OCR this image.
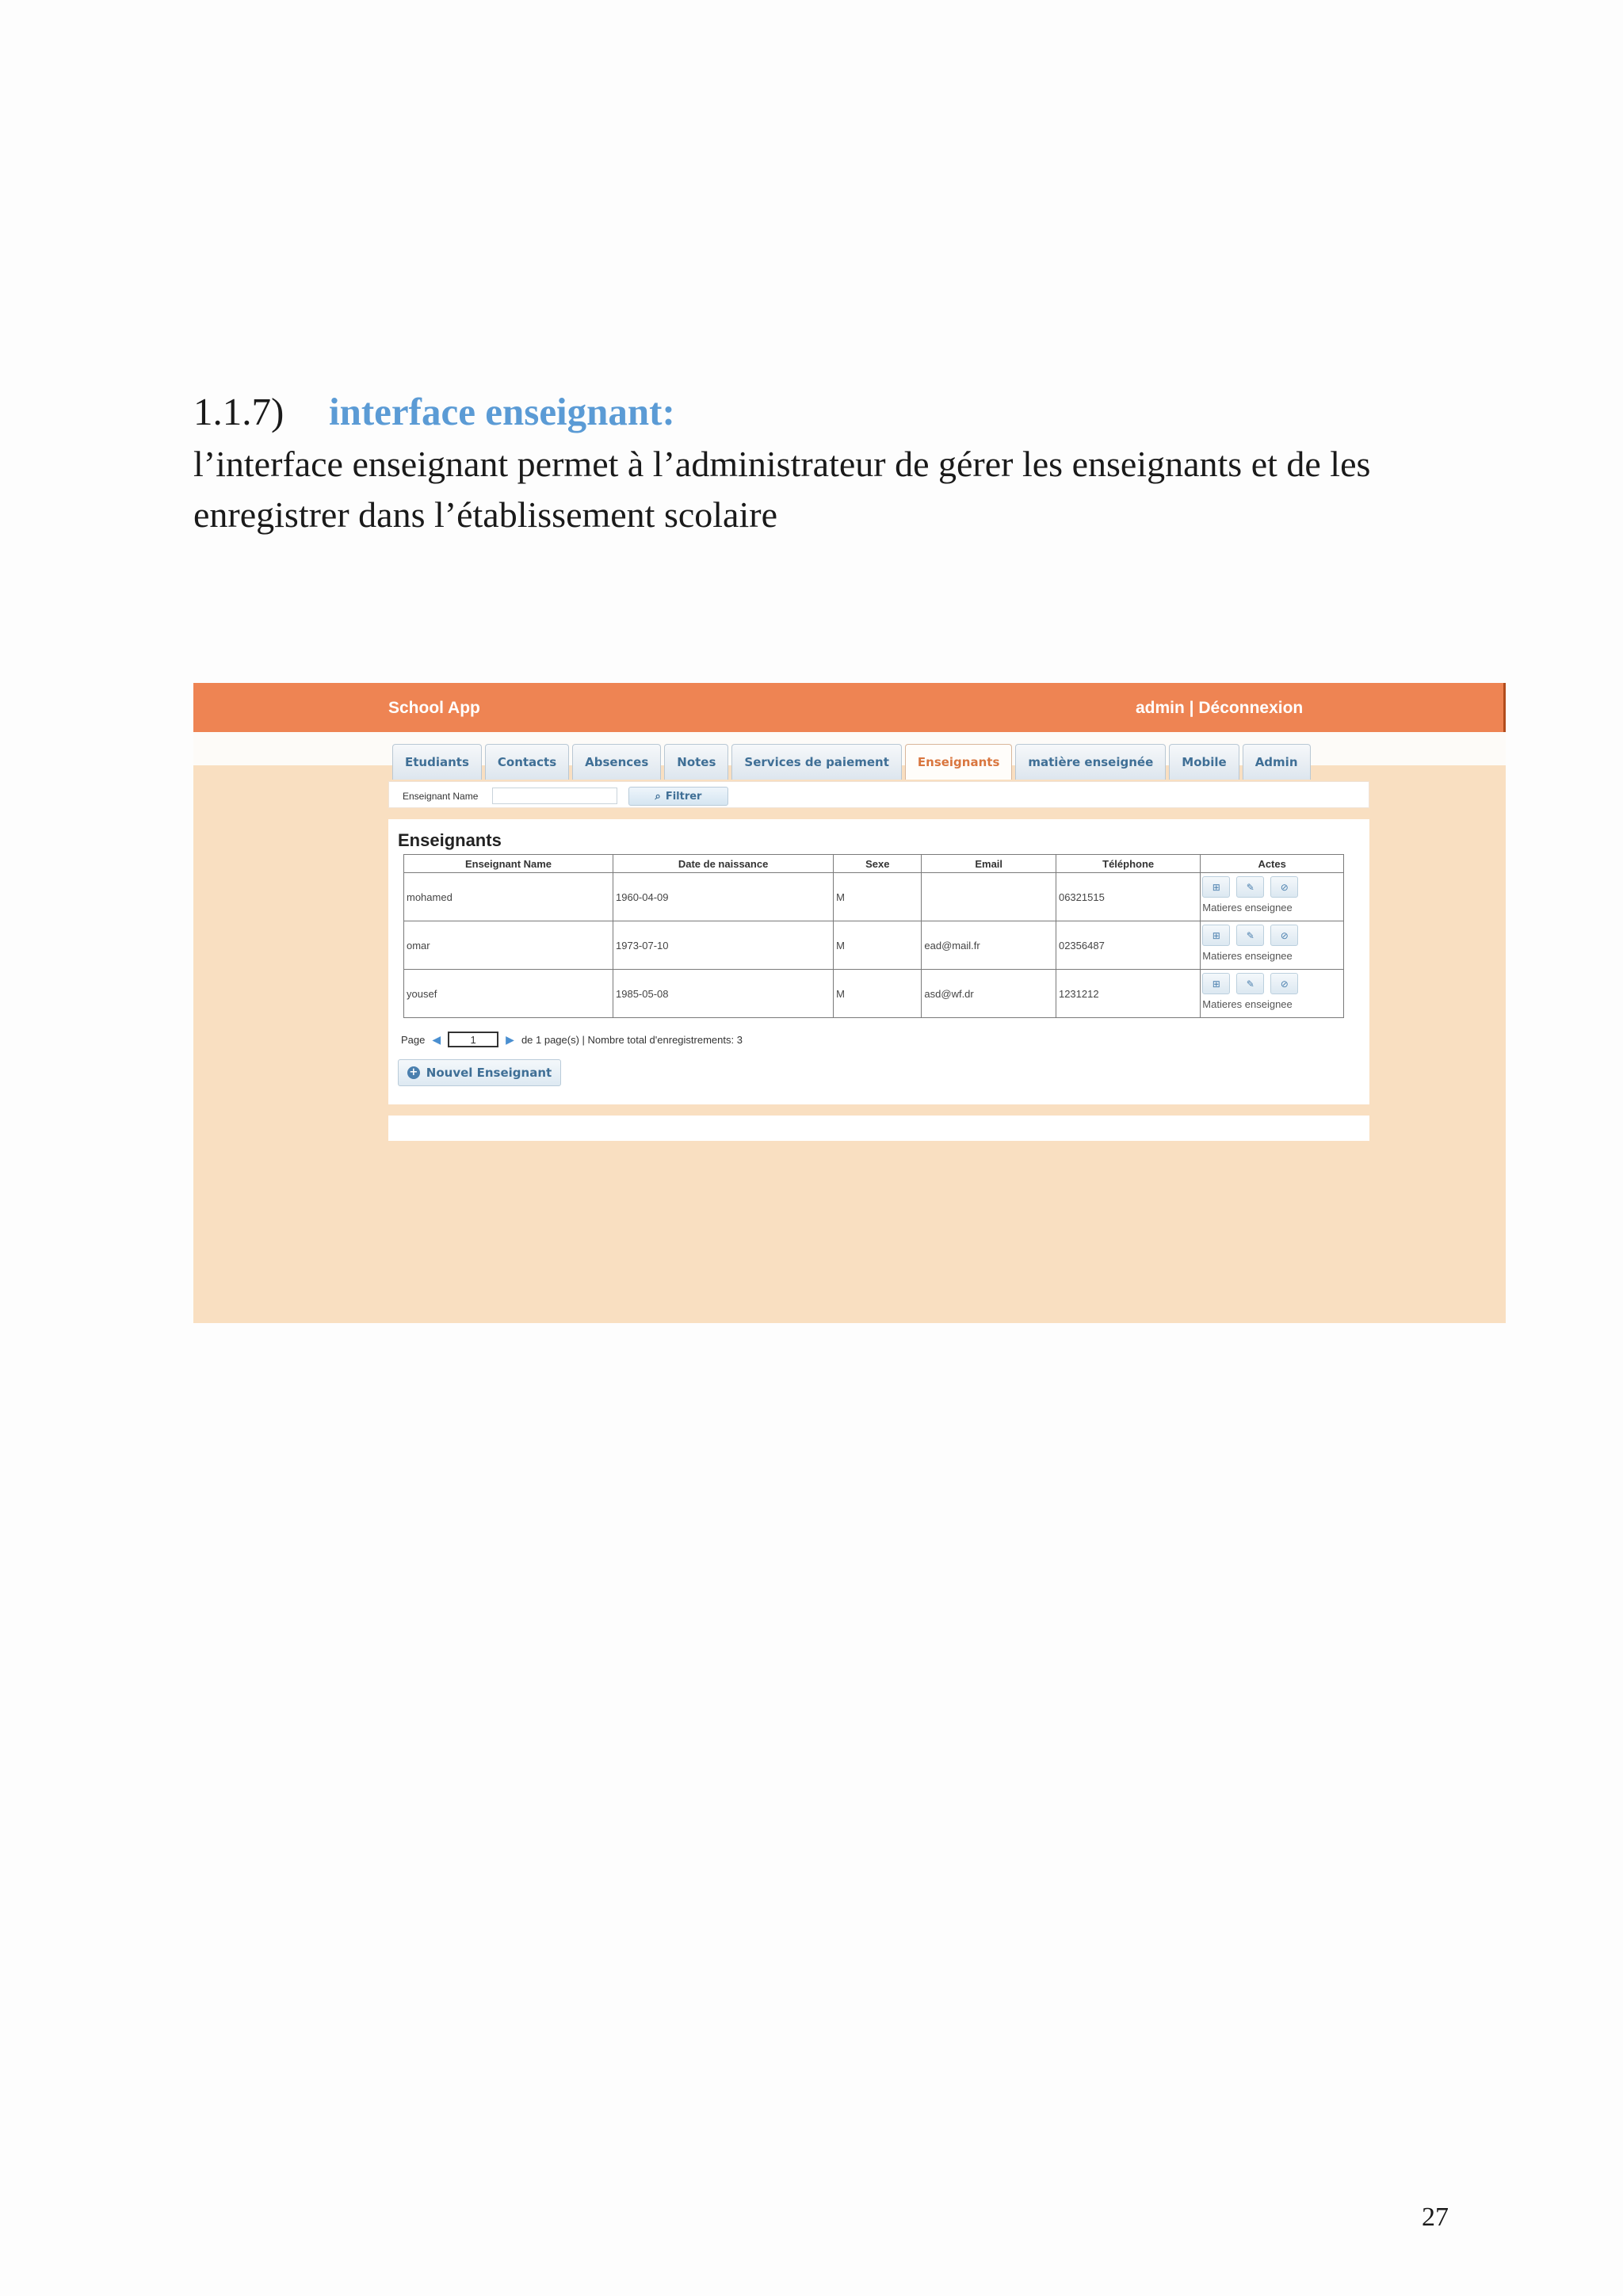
1.1.7) interface enseignant:

l’interface enseignant permet à l’administrateur de gérer les enseignants et de les enregistrer dans l’établissement scolaire

School App	admin | Déconnexion
Etudiants	Contacts	Absences	Notes	Services de paiement	Enseignants	matière enseignée	Mobile	Admin
Enseignant Name	⌕ Filtrer
Enseignants
Enseignant Name	Date de naissance	Sexe	Email	Téléphone	Actes
mohamed	1960-04-09	M		06321515	⊞ ✎ ⊘
Matieres enseignee

omar	1973-07-10	M	ead@mail.fr	02356487	⊞ ✎ ⊘
Matieres enseignee

yousef	1985-05-08	M	asd@wf.dr	1231212	⊞ ✎ ⊘
Matieres enseignee
Page ◀	1	▶ de 1 page(s) | Nombre total d'enregistrements: 3
+ Nouvel Enseignant
27
